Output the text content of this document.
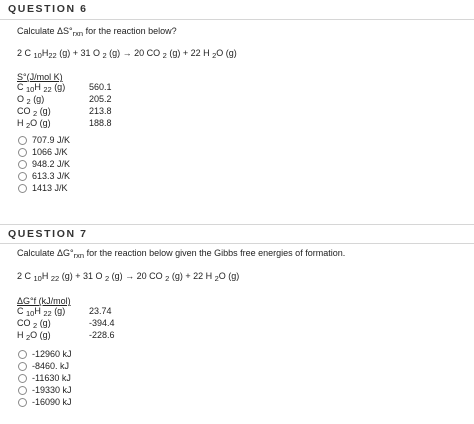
QUESTION 6
Calculate $\Delta S^\circ_{rxn}$ for the reaction below?
2 C $_{10}H_{22}$ (g) + 31 O $_2$ (g) → 20 CO $_2$ (g) + 22 H $_2$O (g)
S°(J/mol K)
C $_{10}$H $_{22}$ (g)	560.1
O $_2$ (g)	205.2
CO $_2$ (g)	213.8
H $_2$O (g)	188.8
707.9 J/K
1066 J/K
948.2 J/K
613.3 J/K
1413 J/K
QUESTION 7
Calculate $\Delta G^\circ_{rxn}$ for the reaction below given the Gibbs free energies of formation.
2 C $_{10}$H $_{22}$ (g) + 31 O $_2$ (g) → 20 CO $_2$ (g) + 22 H $_2$O (g)
ΔG°f (kJ/mol)
C $_{10}$H $_{22}$ (g)	23.74
CO $_2$ (g)	-394.4
H $_2$O (g)	-228.6
-12960 kJ
-8460. kJ
-11630 kJ
-19330 kJ
-16090 kJ
